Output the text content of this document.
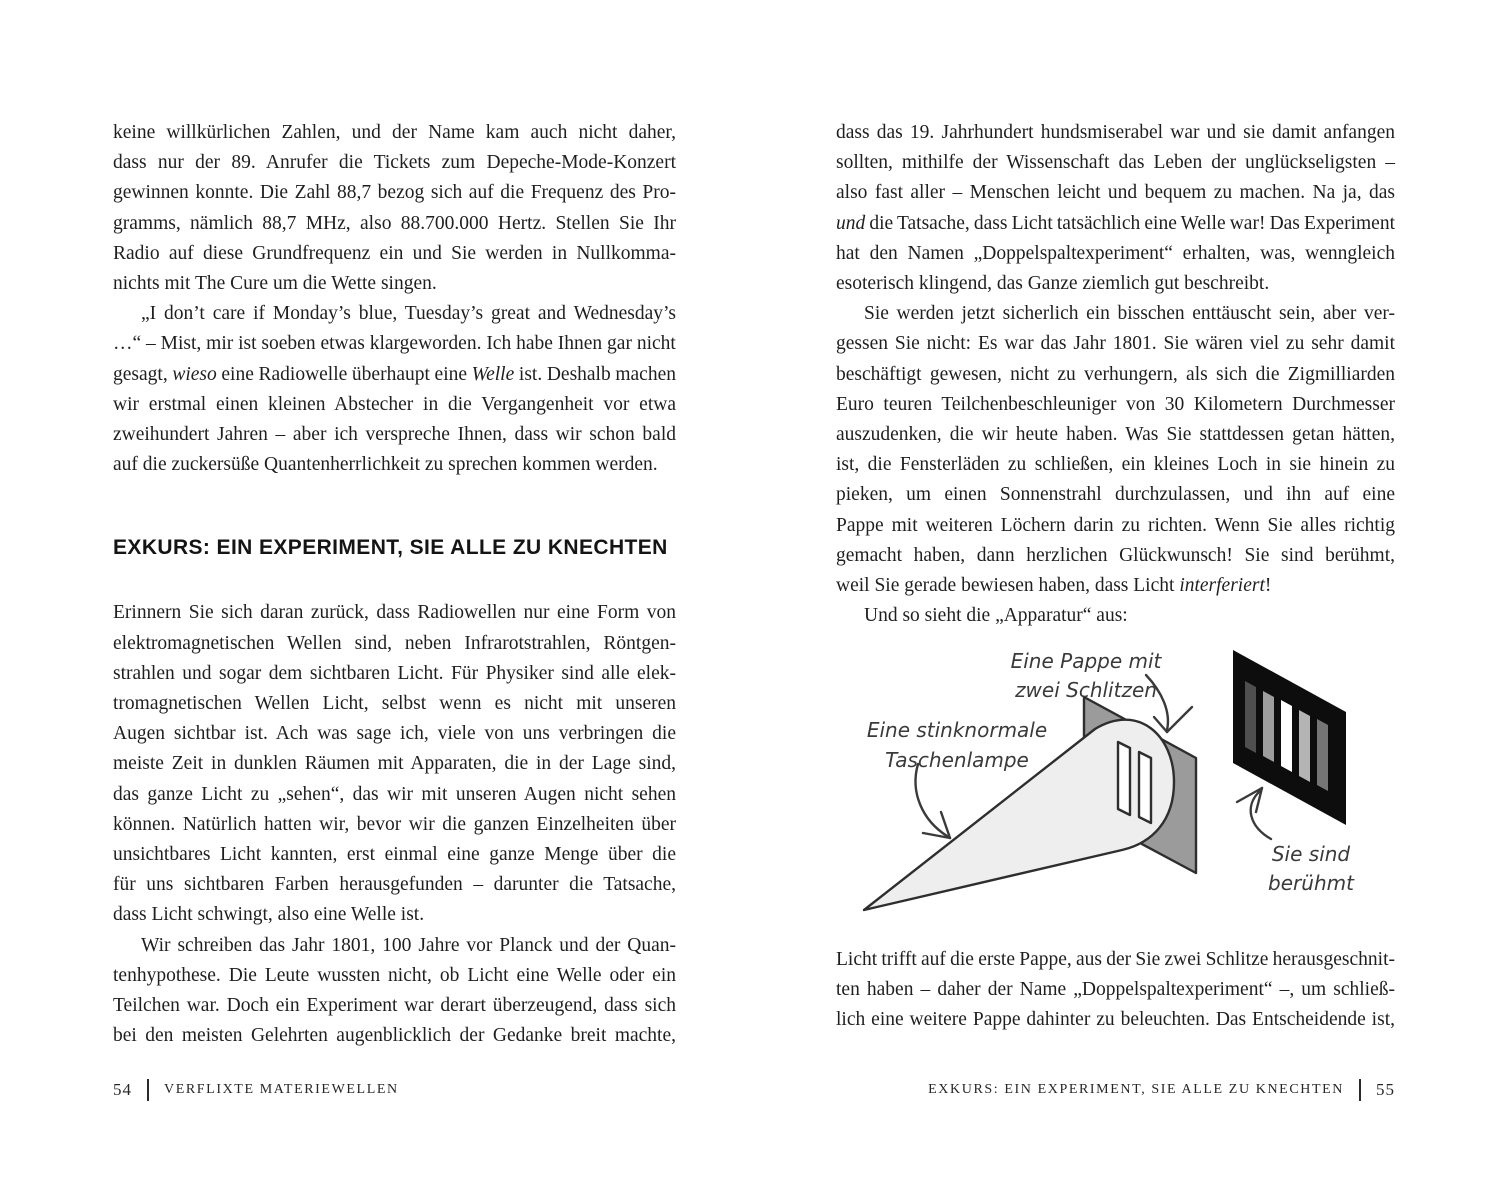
keine willkürlichen Zahlen, und der Name kam auch nicht daher,
dass nur der 89. Anrufer die Tickets zum Depeche-Mode-Konzert
gewinnen konnte. Die Zahl 88,7 bezog sich auf die Frequenz des Pro-
gramms, nämlich 88,7 MHz, also 88.700.000 Hertz. Stellen Sie Ihr
Radio auf diese Grundfrequenz ein und Sie werden in Nullkomma-
nichts mit The Cure um die Wette singen.
„I don’t care if Monday’s blue, Tuesday’s great and Wednesday’s
…“ – Mist, mir ist soeben etwas klargeworden. Ich habe Ihnen gar nicht
gesagt, wieso eine Radiowelle überhaupt eine Welle ist. Deshalb machen
wir erstmal einen kleinen Abstecher in die Vergangenheit vor etwa
zweihundert Jahren – aber ich verspreche Ihnen, dass wir schon bald
auf die zuckersüße Quantenherrlichkeit zu sprechen kommen werden.
EXKURS: EIN EXPERIMENT, SIE ALLE ZU KNECHTEN
Erinnern Sie sich daran zurück, dass Radiowellen nur eine Form von
elektromagnetischen Wellen sind, neben Infrarotstrahlen, Röntgen-
strahlen und sogar dem sichtbaren Licht. Für Physiker sind alle elek-
tromagnetischen Wellen Licht, selbst wenn es nicht mit unseren
Augen sichtbar ist. Ach was sage ich, viele von uns verbringen die
meiste Zeit in dunklen Räumen mit Apparaten, die in der Lage sind,
das ganze Licht zu „sehen“, das wir mit unseren Augen nicht sehen
können. Natürlich hatten wir, bevor wir die ganzen Einzelheiten über
unsichtbares Licht kannten, erst einmal eine ganze Menge über die
für uns sichtbaren Farben herausgefunden – darunter die Tatsache,
dass Licht schwingt, also eine Welle ist.
Wir schreiben das Jahr 1801, 100 Jahre vor Planck und der Quan-
tenhypothese. Die Leute wussten nicht, ob Licht eine Welle oder ein
Teilchen war. Doch ein Experiment war derart überzeugend, dass sich
bei den meisten Gelehrten augenblicklich der Gedanke breit machte,
dass das 19. Jahrhundert hundsmiserabel war und sie damit anfangen
sollten, mithilfe der Wissenschaft das Leben der unglückseligsten –
also fast aller – Menschen leicht und bequem zu machen. Na ja, das
und die Tatsache, dass Licht tatsächlich eine Welle war! Das Experiment
hat den Namen „Doppelspaltexperiment“ erhalten, was, wenngleich
esoterisch klingend, das Ganze ziemlich gut beschreibt.
Sie werden jetzt sicherlich ein bisschen enttäuscht sein, aber ver-
gessen Sie nicht: Es war das Jahr 1801. Sie wären viel zu sehr damit
beschäftigt gewesen, nicht zu verhungern, als sich die Zigmilliarden
Euro teuren Teilchenbeschleuniger von 30 Kilometern Durchmesser
auszudenken, die wir heute haben. Was Sie stattdessen getan hätten,
ist, die Fensterläden zu schließen, ein kleines Loch in sie hinein zu
pieken, um einen Sonnenstrahl durchzulassen, und ihn auf eine
Pappe mit weiteren Löchern darin zu richten. Wenn Sie alles richtig
gemacht haben, dann herzlichen Glückwunsch! Sie sind berühmt,
weil Sie gerade bewiesen haben, dass Licht interferiert!
Und so sieht die „Apparatur“ aus:
Eine Pappe mit
zwei Schlitzen
Eine stinknormale
Taschenlampe
Sie sind
berühmt
Licht trifft auf die erste Pappe, aus der Sie zwei Schlitze herausgeschnit-
ten haben – daher der Name „Doppelspaltexperiment“ –, um schließ-
lich eine weitere Pappe dahinter zu beleuchten. Das Entscheidende ist,
54 VERFLIXTE MATERIEWELLEN	EXKURS: EIN EXPERIMENT, SIE ALLE ZU KNECHTEN 55
